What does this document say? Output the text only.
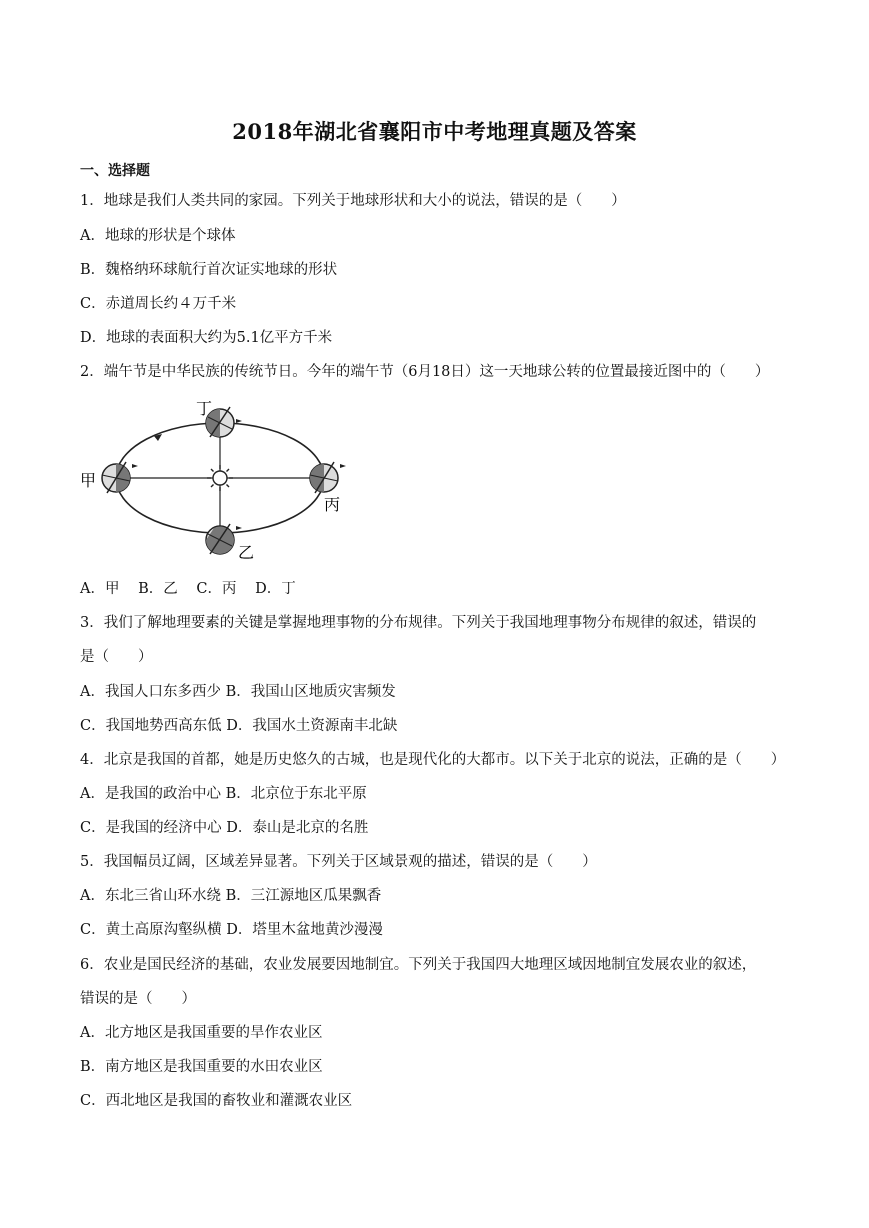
2018年湖北省襄阳市中考地理真题及答案
一、选择题
1．地球是我们人类共同的家园。下列关于地球形状和大小的说法，错误的是（　　）
A．地球的形状是个球体
B．魏格纳环球航行首次证实地球的形状
C．赤道周长约４万千米
D．地球的表面积大约为5.1亿平方千米
2．端午节是中华民族的传统节日。今年的端午节（6月18日）这一天地球公转的位置最接近图中的（　　）
丁
甲
丙
乙
A．甲 B．乙 C．丙 D．丁
3．我们了解地理要素的关键是掌握地理事物的分布规律。下列关于我国地理事物分布规律的叙述，错误的
是（　　）
A．我国人口东多西少 B．我国山区地质灾害频发
C．我国地势西高东低 D．我国水土资源南丰北缺
4．北京是我国的首都，她是历史悠久的古城，也是现代化的大都市。以下关于北京的说法，正确的是（　　）
A．是我国的政治中心 B．北京位于东北平原
C．是我国的经济中心 D．泰山是北京的名胜
5．我国幅员辽阔，区域差异显著。下列关于区域景观的描述，错误的是（　　）
A．东北三省山环水绕 B．三江源地区瓜果飘香
C．黄土高原沟壑纵横 D．塔里木盆地黄沙漫漫
6．农业是国民经济的基础，农业发展要因地制宜。下列关于我国四大地理区域因地制宜发展农业的叙述，
错误的是（　　）
A．北方地区是我国重要的旱作农业区
B．南方地区是我国重要的水田农业区
C．西北地区是我国的畜牧业和灌溉农业区
